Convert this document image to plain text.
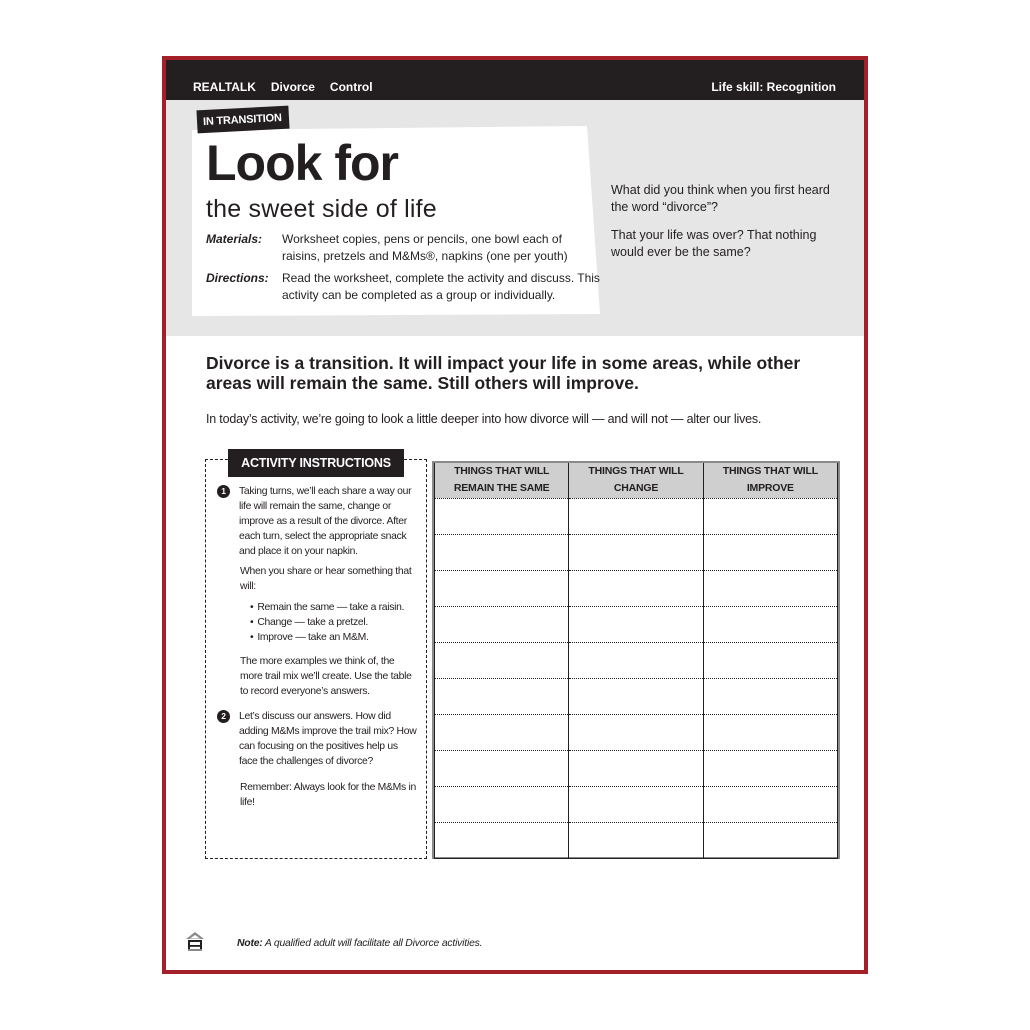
REALTALK Divorce Control	Life skill: Recognition
IN TRANSITION
Look for
the sweet side of life
Materials:	Worksheet copies, pens or pencils, one bowl each of raisins, pretzels and M&Ms®, napkins (one per youth)
Directions:	Read the worksheet, complete the activity and discuss. This activity can be completed as a group or individually.
What did you think when you first heard the word “divorce”?
That your life was over? That nothing would ever be the same?
Divorce is a transition. It will impact your life in some areas, while other areas will remain the same. Still others will improve.
In today’s activity, we’re going to look a little deeper into how divorce will — and will not — alter our lives.
ACTIVITY INSTRUCTIONS
1	Taking turns, we’ll each share a way our life will remain the same, change or improve as a result of the divorce. After each turn, select the appropriate snack and place it on your napkin.
When you share or hear something that will:
• Remain the same — take a raisin.
• Change — take a pretzel.
• Improve — take an M&M.
The more examples we think of, the more trail mix we’ll create. Use the table to record everyone’s answers.
2	Let’s discuss our answers. How did adding M&Ms improve the trail mix? How can focusing on the positives help us face the challenges of divorce?
Remember: Always look for the M&Ms in life!
THINGS THAT WILL REMAIN THE SAME	THINGS THAT WILL CHANGE	THINGS THAT WILL IMPROVE

Note: A qualified adult will facilitate all Divorce activities.
